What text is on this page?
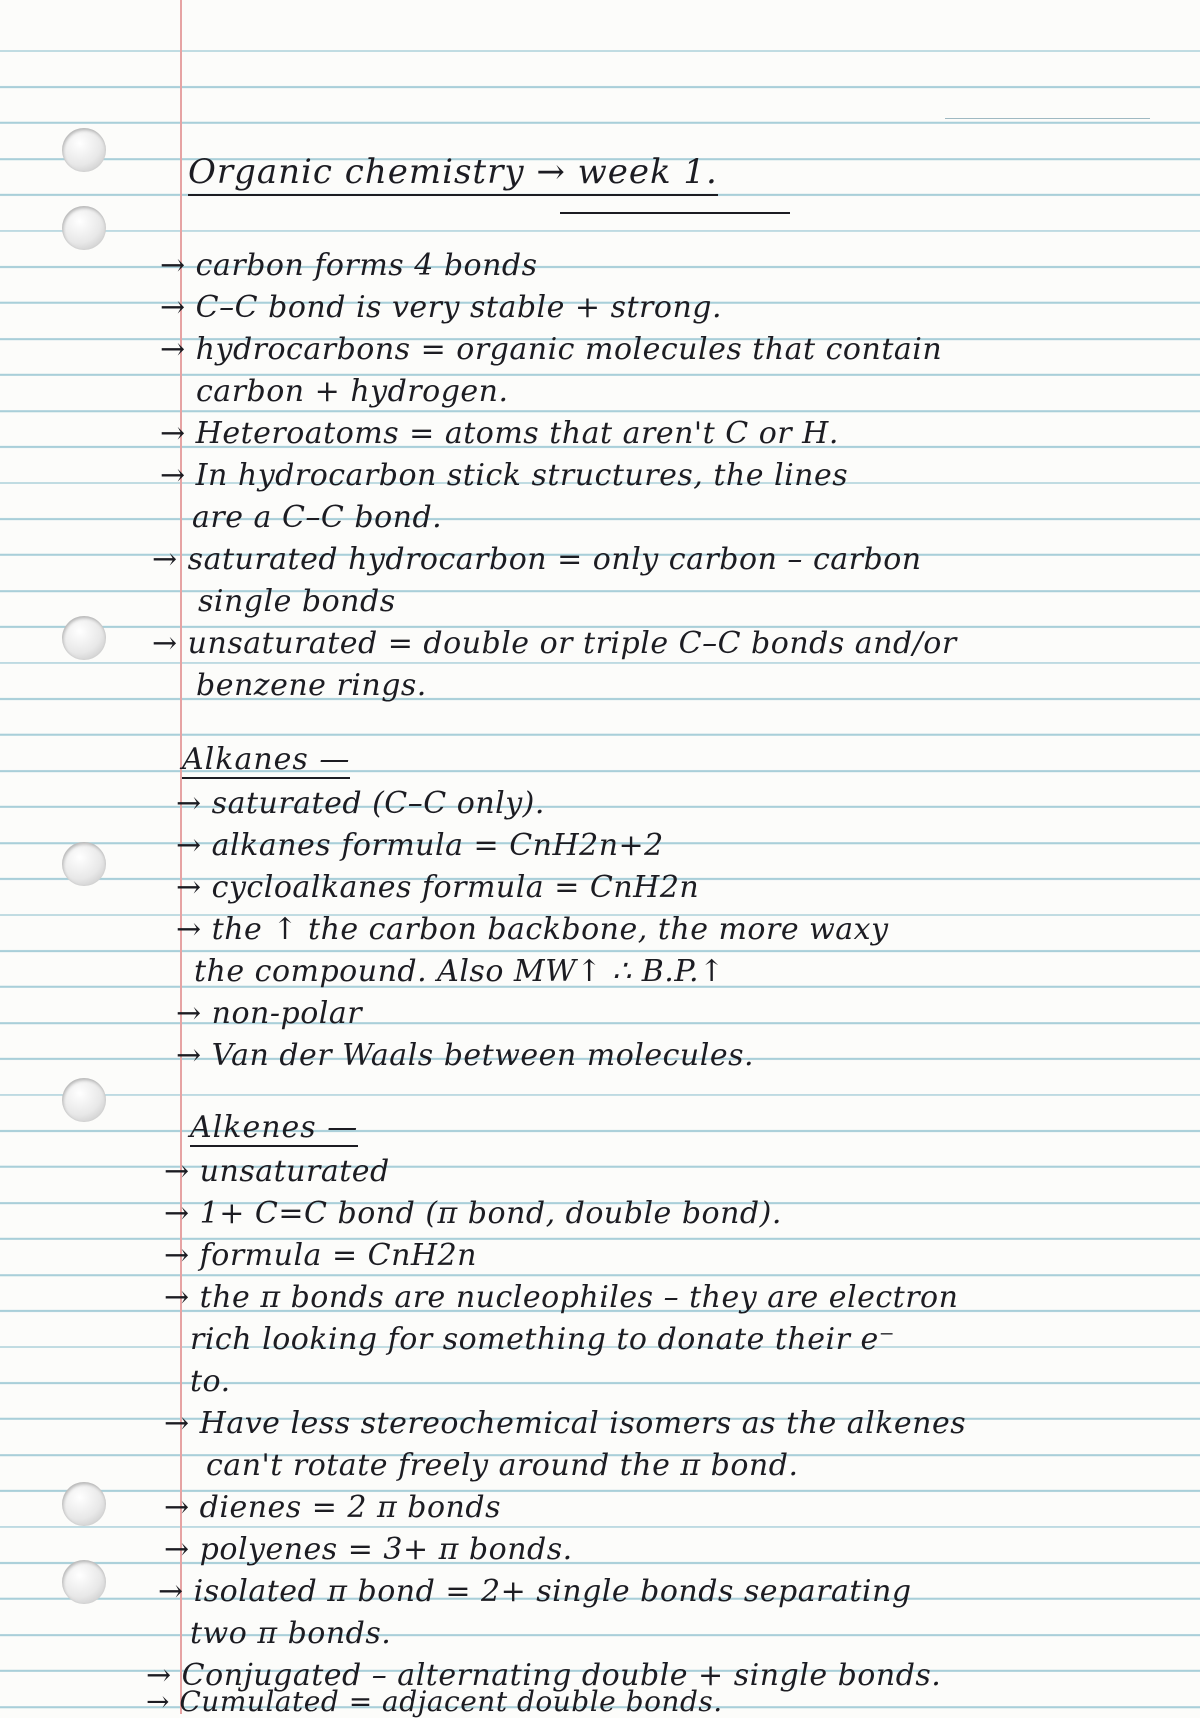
Organic chemistry → week 1.
→ carbon forms 4 bonds
→ C–C bond is very stable + strong.
→ hydrocarbons = organic molecules that contain
carbon + hydrogen.
→ Heteroatoms = atoms that aren't C or H.
→ In hydrocarbon stick structures, the lines
are a C–C bond.
→ saturated hydrocarbon = only carbon – carbon
single bonds
→ unsaturated = double or triple C–C bonds and/or
benzene rings.
Alkanes —
→ saturated (C–C only).
→ alkanes formula = CnH2n+2
→ cycloalkanes formula = CnH2n
→ the ↑ the carbon backbone, the more waxy
the compound. Also MW↑ ∴ B.P.↑
→ non-polar
→ Van der Waals between molecules.
Alkenes —
→ unsaturated
→ 1+ C=C bond (π bond, double bond).
→ formula = CnH2n
→ the π bonds are nucleophiles – they are electron
rich looking for something to donate their e⁻
to.
→ Have less stereochemical isomers as the alkenes
can't rotate freely around the π bond.
→ dienes = 2 π bonds
→ polyenes = 3+ π bonds.
→ isolated π bond = 2+ single bonds separating
two π bonds.
→ Conjugated – alternating double + single bonds.
→ Cumulated = adjacent double bonds.
